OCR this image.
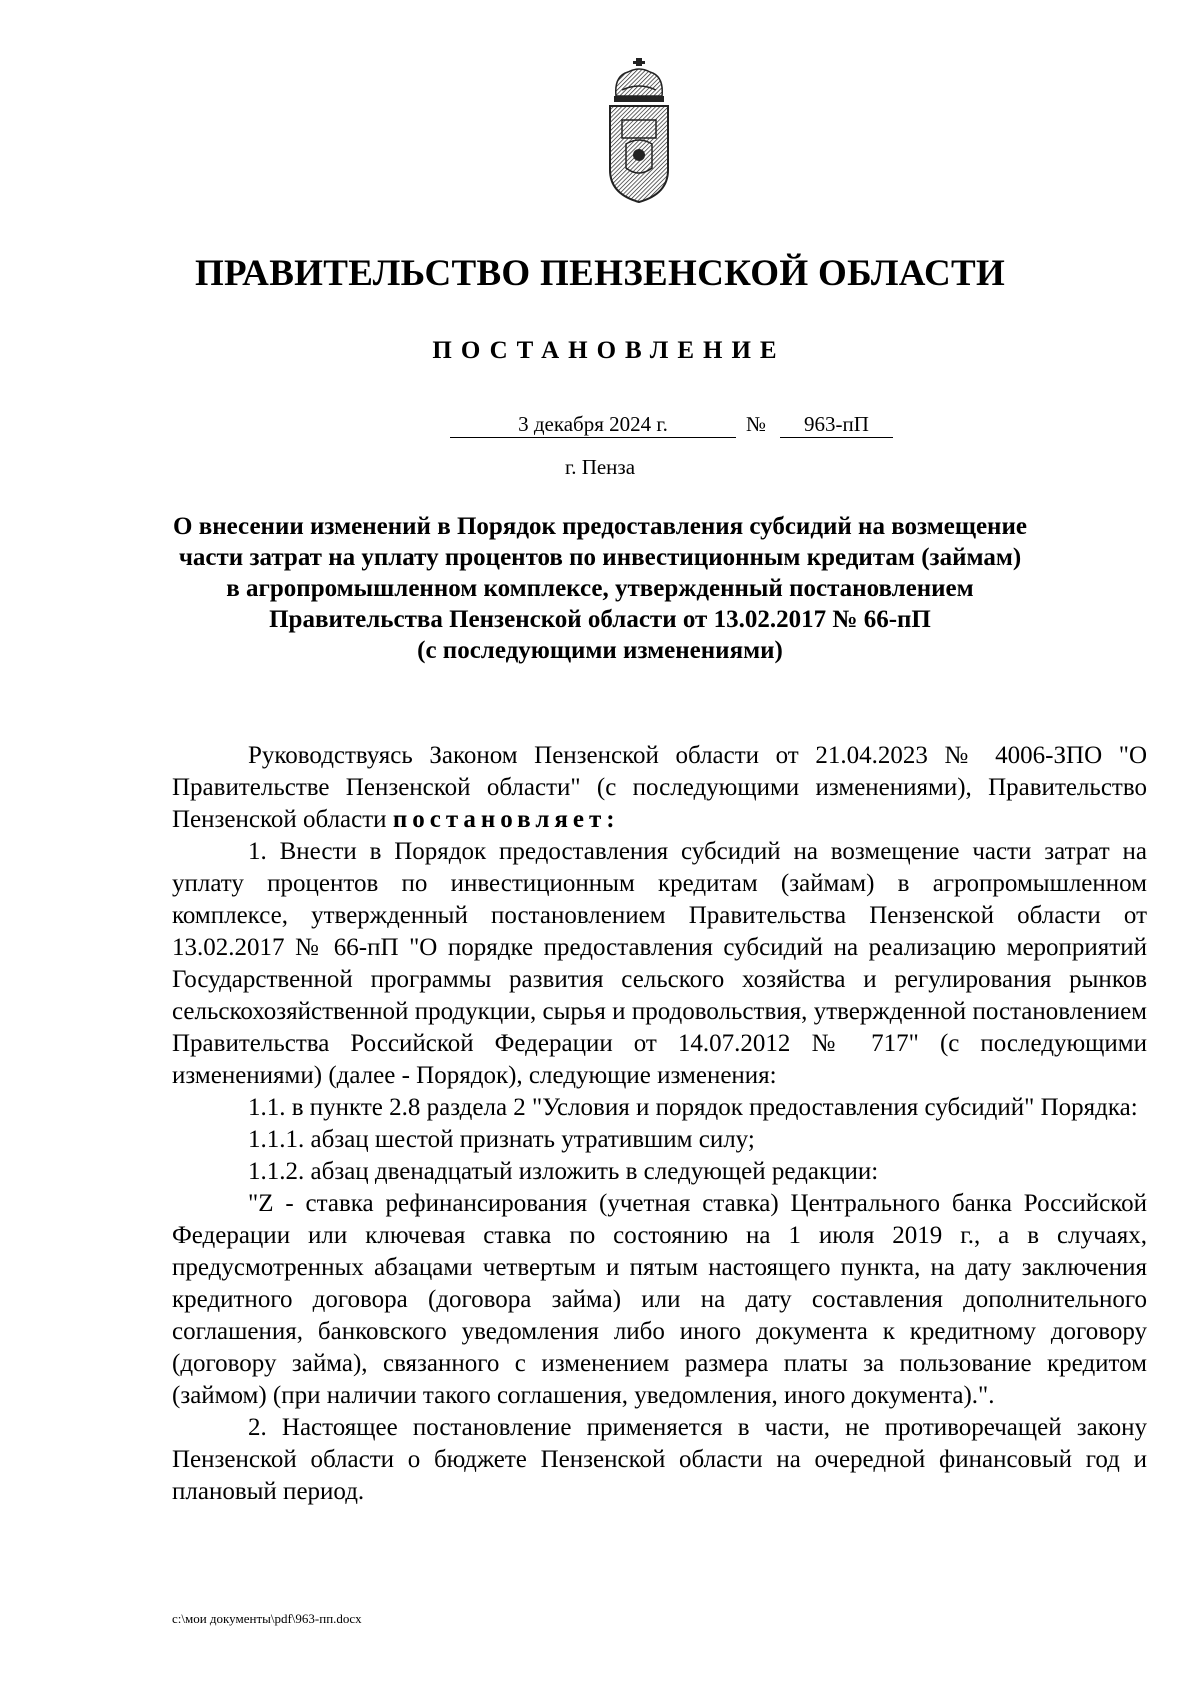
ПРАВИТЕЛЬСТВО ПЕНЗЕНСКОЙ ОБЛАСТИ
ПОСТАНОВЛЕНИЕ
3 декабря 2024 г.	№	963-пП
г. Пенза
О внесении изменений в Порядок предоставления субсидий на возмещение
части затрат на уплату процентов по инвестиционным кредитам (займам)
в агропромышленном комплексе, утвержденный постановлением
Правительства Пензенской области от 13.02.2017 № 66-пП
(с последующими изменениями)

Руководствуясь Законом Пензенской области от 21.04.2023 № 4006-ЗПО "О Правительстве Пензенской области" (с последующими изменениями), Правительство Пензенской области постановляет:

1. Внести в Порядок предоставления субсидий на возмещение части затрат на уплату процентов по инвестиционным кредитам (займам) в агропромышленном комплексе, утвержденный постановлением Правительства Пензенской области от 13.02.2017 № 66-пП "О порядке предоставления субсидий на реализацию мероприятий Государственной программы развития сельского хозяйства и регулирования рынков сельскохозяйственной продукции, сырья и продовольствия, утвержденной постановлением Правительства Российской Федерации от 14.07.2012 № 717" (с последующими изменениями) (далее - Порядок), следующие изменения:

1.1. в пункте 2.8 раздела 2 "Условия и порядок предоставления субсидий" Порядка:

1.1.1. абзац шестой признать утратившим силу;

1.1.2. абзац двенадцатый изложить в следующей редакции:

"Z - ставка рефинансирования (учетная ставка) Центрального банка Российской Федерации или ключевая ставка по состоянию на 1 июля 2019 г., а в случаях, предусмотренных абзацами четвертым и пятым настоящего пункта, на дату заключения кредитного договора (договора займа) или на дату составления дополнительного соглашения, банковского уведомления либо иного документа к кредитному договору (договору займа), связанного с изменением размера платы за пользование кредитом (займом) (при наличии такого соглашения, уведомления, иного документа).".

2. Настоящее постановление применяется в части, не противоречащей закону Пензенской области о бюджете Пензенской области на очередной финансовый год и плановый период.

c:\мои документы\pdf\963-пп.docx
